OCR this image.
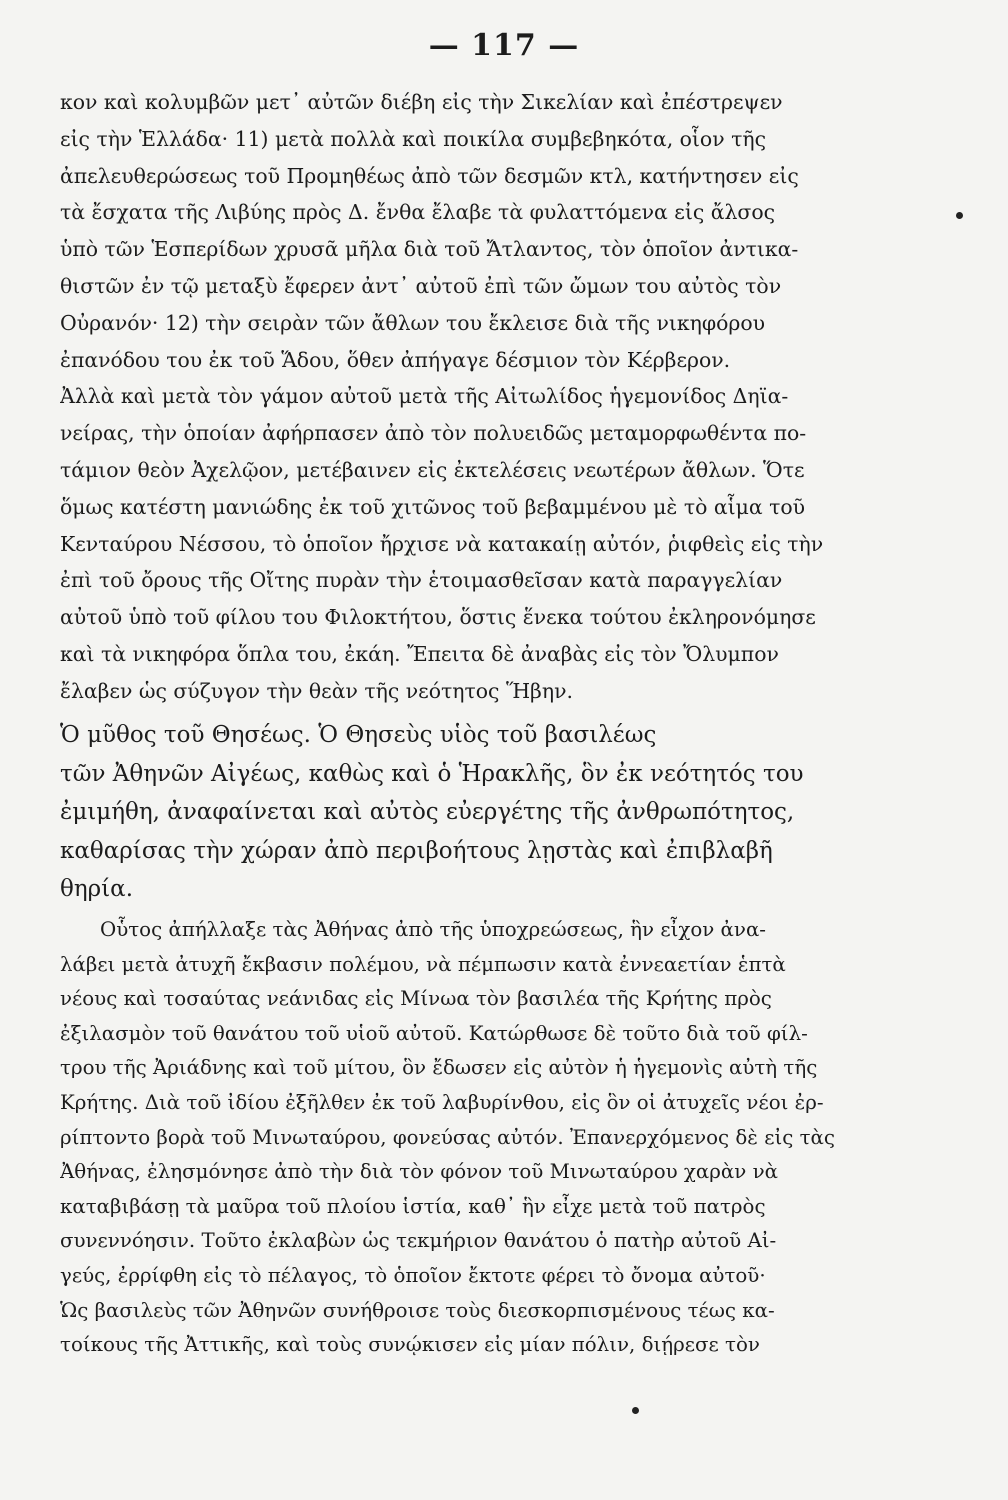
— 117 —
κον καὶ κολυμβῶν μετ᾽ αὐτῶν διέβη εἰς τὴν Σικελίαν καὶ ἐπέστρεψεν
εἰς τὴν Ἑλλάδα· 11) μετὰ πολλὰ καὶ ποικίλα συμβεβηκότα, οἷον τῆς
ἀπελευθερώσεως τοῦ Προμηθέως ἀπὸ τῶν δεσμῶν κτλ, κατήντησεν εἰς
τὰ ἔσχατα τῆς Λιβύης πρὸς Δ. ἔνθα ἔλαβε τὰ φυλαττόμενα εἰς ἄλσος
ὑπὸ τῶν Ἑσπερίδων χρυσᾶ μῆλα διὰ τοῦ Ἄτλαντος, τὸν ὁποῖον ἀντικα-
θιστῶν ἐν τῷ μεταξὺ ἔφερεν ἀντ᾽ αὐτοῦ ἐπὶ τῶν ὤμων του αὐτὸς τὸν
Οὐρανόν· 12) τὴν σειρὰν τῶν ἄθλων του ἔκλεισε διὰ τῆς νικηφόρου
ἐπανόδου του ἐκ τοῦ Ἅδου, ὅθεν ἀπήγαγε δέσμιον τὸν Κέρβερον.
Ἀλλὰ καὶ μετὰ τὸν γάμον αὐτοῦ μετὰ τῆς Αἰτωλίδος ἡγεμονίδος Δηϊα-
νείρας, τὴν ὁποίαν ἀφήρπασεν ἀπὸ τὸν πολυειδῶς μεταμορφωθέντα πο-
τάμιον θεὸν Ἀχελῷον, μετέβαινεν εἰς ἐκτελέσεις νεωτέρων ἄθλων. Ὅτε
ὅμως κατέστη μανιώδης ἐκ τοῦ χιτῶνος τοῦ βεβαμμένου μὲ τὸ αἷμα τοῦ
Κενταύρου Νέσσου, τὸ ὁποῖον ἤρχισε νὰ κατακαίῃ αὐτόν, ῥιφθεὶς εἰς τὴν
ἐπὶ τοῦ ὄρους τῆς Οἴτης πυρὰν τὴν ἑτοιμασθεῖσαν κατὰ παραγγελίαν
αὐτοῦ ὑπὸ τοῦ φίλου του Φιλοκτήτου, ὅστις ἕνεκα τούτου ἐκληρονόμησε
καὶ τὰ νικηφόρα ὅπλα του, ἐκάη. Ἔπειτα δὲ ἀναβὰς εἰς τὸν Ὄλυμπον
ἔλαβεν ὡς σύζυγον τὴν θεὰν τῆς νεότητος Ἥβην.
Ὁ μῦθος τοῦ Θησέως. Ὁ Θησεὺς υἱὸς τοῦ βασιλέως
τῶν Ἀθηνῶν Αἰγέως, καθὼς καὶ ὁ Ἡρακλῆς, ὃν ἐκ νεότητός του
ἐμιμήθη, ἀναφαίνεται καὶ αὐτὸς εὐεργέτης τῆς ἀνθρωπότητος,
καθαρίσας τὴν χώραν ἀπὸ περιβοήτους λῃστὰς καὶ ἐπιβλαβῆ
θηρία.
Οὗτος ἀπήλλαξε τὰς Ἀθήνας ἀπὸ τῆς ὑποχρεώσεως, ἣν εἶχον ἀνα-
λάβει μετὰ ἀτυχῆ ἔκβασιν πολέμου, νὰ πέμπωσιν κατὰ ἐννεαετίαν ἑπτὰ
νέους καὶ τοσαύτας νεάνιδας εἰς Μίνωα τὸν βασιλέα τῆς Κρήτης πρὸς
ἐξιλασμὸν τοῦ θανάτου τοῦ υἱοῦ αὐτοῦ. Κατώρθωσε δὲ τοῦτο διὰ τοῦ φίλ-
τρου τῆς Ἀριάδνης καὶ τοῦ μίτου, ὃν ἔδωσεν εἰς αὐτὸν ἡ ἡγεμονὶς αὐτὴ τῆς
Κρήτης. Διὰ τοῦ ἰδίου ἐξῆλθεν ἐκ τοῦ λαβυρίνθου, εἰς ὃν οἱ ἀτυχεῖς νέοι ἐρ-
ρίπτοντο βορὰ τοῦ Μινωταύρου, φονεύσας αὐτόν. Ἐπανερχόμενος δὲ εἰς τὰς
Ἀθήνας, ἐλησμόνησε ἀπὸ τὴν διὰ τὸν φόνον τοῦ Μινωταύρου χαρὰν νὰ
καταβιβάσῃ τὰ μαῦρα τοῦ πλοίου ἱστία, καθ᾽ ἣν εἶχε μετὰ τοῦ πατρὸς
συνεννόησιν. Τοῦτο ἐκλαβὼν ὡς τεκμήριον θανάτου ὁ πατὴρ αὐτοῦ Αἰ-
γεύς, ἐρρίφθη εἰς τὸ πέλαγος, τὸ ὁποῖον ἔκτοτε φέρει τὸ ὄνομα αὐτοῦ·
Ὡς βασιλεὺς τῶν Ἀθηνῶν συνήθροισε τοὺς διεσκορπισμένους τέως κα-
τοίκους τῆς Ἀττικῆς, καὶ τοὺς συνῴκισεν εἰς μίαν πόλιν, διῄρεσε τὸν
